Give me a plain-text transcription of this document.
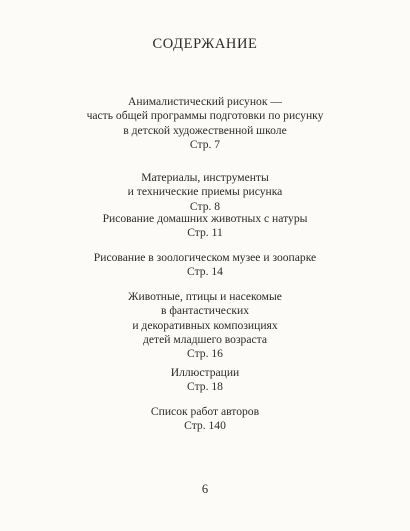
СОДЕРЖАНИЕ
Анималистический рисунок —
часть общей программы подготовки по рисунку
в детской художественной школе
Стр. 7
Материалы, инструменты
и технические приемы рисунка
Стр. 8
Рисование домашних животных с натуры
Стр. 11
Рисование в зоологическом музее и зоопарке
Стр. 14
Животные, птицы и насекомые
в фантастических
и декоративных композициях
детей младшего возраста
Стр. 16
Иллюстрации
Стр. 18
Список работ авторов
Стр. 140
6
